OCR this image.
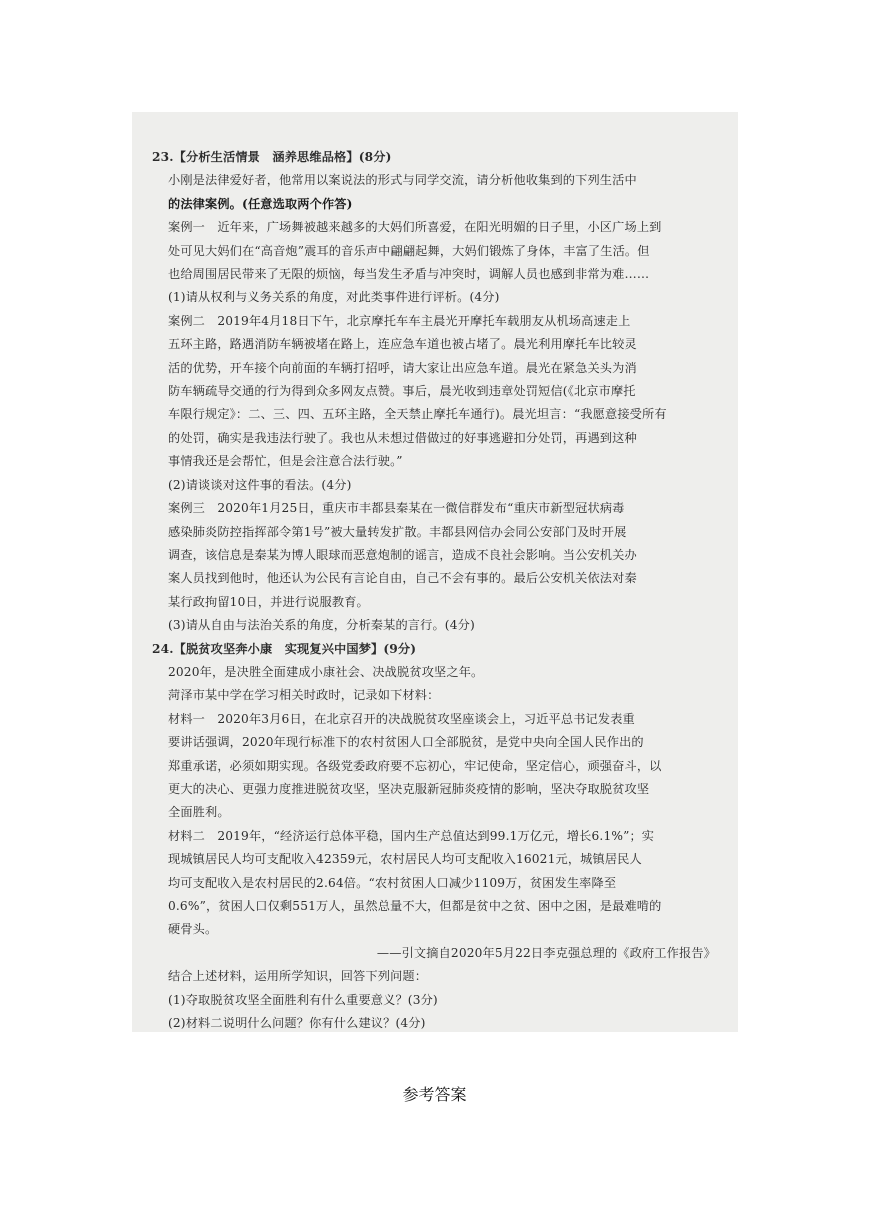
23.【分析生活情景　涵养思维品格】(8分)
小刚是法律爱好者，他常用以案说法的形式与同学交流，请分析他收集到的下列生活中
的法律案例。(任意选取两个作答)
案例一　近年来，广场舞被越来越多的大妈们所喜爱，在阳光明媚的日子里，小区广场上到
处可见大妈们在“高音炮”震耳的音乐声中翩翩起舞，大妈们锻炼了身体，丰富了生活。但
也给周围居民带来了无限的烦恼，每当发生矛盾与冲突时，调解人员也感到非常为难……
(1)请从权利与义务关系的角度，对此类事件进行评析。(4分)
案例二　2019年4月18日下午，北京摩托车车主晨光开摩托车载朋友从机场高速走上
五环主路，路遇消防车辆被堵在路上，连应急车道也被占堵了。晨光利用摩托车比较灵
活的优势，开车接个向前面的车辆打招呼，请大家让出应急车道。晨光在紧急关头为消
防车辆疏导交通的行为得到众多网友点赞。事后，晨光收到违章处罚短信(《北京市摩托
车限行规定》：二、三、四、五环主路，全天禁止摩托车通行)。晨光坦言：“我愿意接受所有
的处罚，确实是我违法行驶了。我也从未想过借做过的好事逃避扣分处罚，再遇到这种
事情我还是会帮忙，但是会注意合法行驶。”
(2)请谈谈对这件事的看法。(4分)
案例三　2020年1月25日，重庆市丰都县秦某在一微信群发布“重庆市新型冠状病毒
感染肺炎防控指挥部令第1号”被大量转发扩散。丰都县网信办会同公安部门及时开展
调查，该信息是秦某为博人眼球而恶意炮制的谣言，造成不良社会影响。当公安机关办
案人员找到他时，他还认为公民有言论自由，自己不会有事的。最后公安机关依法对秦
某行政拘留10日，并进行说服教育。
(3)请从自由与法治关系的角度，分析秦某的言行。(4分)
24.【脱贫攻坚奔小康　实现复兴中国梦】(9分)
2020年，是决胜全面建成小康社会、决战脱贫攻坚之年。
菏泽市某中学在学习相关时政时，记录如下材料：
材料一　2020年3月6日，在北京召开的决战脱贫攻坚座谈会上，习近平总书记发表重
要讲话强调，2020年现行标准下的农村贫困人口全部脱贫，是党中央向全国人民作出的
郑重承诺，必须如期实现。各级党委政府要不忘初心，牢记使命，坚定信心，顽强奋斗，以
更大的决心、更强力度推进脱贫攻坚，坚决克服新冠肺炎疫情的影响，坚决夺取脱贫攻坚
全面胜利。
材料二　2019年，“经济运行总体平稳，国内生产总值达到99.1万亿元，增长6.1%”；实
现城镇居民人均可支配收入42359元，农村居民人均可支配收入16021元，城镇居民人
均可支配收入是农村居民的2.64倍。“农村贫困人口减少1109万，贫困发生率降至
0.6%”，贫困人口仅剩551万人，虽然总量不大，但都是贫中之贫、困中之困，是最难啃的
硬骨头。
——引文摘自2020年5月22日李克强总理的《政府工作报告》
结合上述材料，运用所学知识，回答下列问题：
(1)夺取脱贫攻坚全面胜利有什么重要意义？(3分)
(2)材料二说明什么问题？你有什么建议？(4分)
参考答案
